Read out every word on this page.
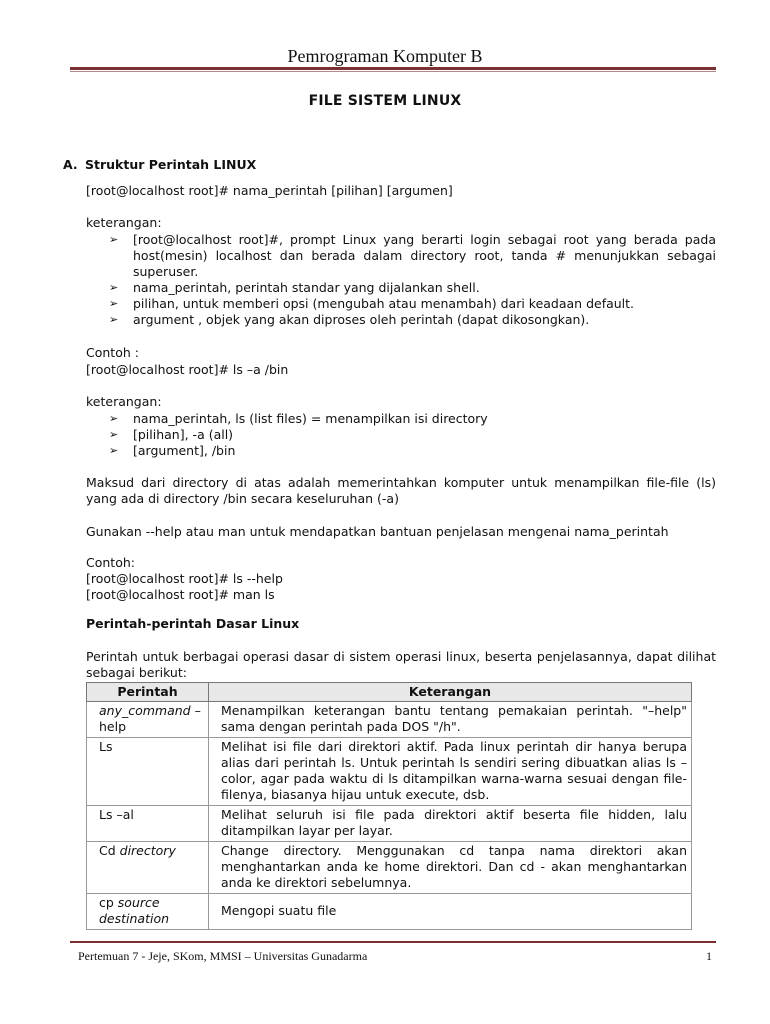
Pemrograman Komputer B
FILE SISTEM LINUX
A. Struktur Perintah LINUX
[root@localhost root]# nama_perintah [pilihan] [argumen]
keterangan:
➢ [root@localhost root]#, prompt Linux yang berarti login sebagai root yang berada pada host(mesin) localhost dan berada dalam directory root, tanda # menunjukkan sebagai superuser.
➢ nama_perintah, perintah standar yang dijalankan shell.
➢ pilihan, untuk memberi opsi (mengubah atau menambah) dari keadaan default.
➢ argument , objek yang akan diproses oleh perintah (dapat dikosongkan).
Contoh :
[root@localhost root]# ls –a /bin
keterangan:
➢ nama_perintah, ls (list files) = menampilkan isi directory
➢ [pilihan], -a (all)
➢ [argument], /bin
Maksud dari directory di atas adalah memerintahkan komputer untuk menampilkan file-file (ls) yang ada di directory /bin secara keseluruhan (-a)
Gunakan --help atau man untuk mendapatkan bantuan penjelasan mengenai nama_perintah
Contoh:
[root@localhost root]# ls --help
[root@localhost root]# man ls
Perintah-perintah Dasar Linux
Perintah untuk berbagai operasi dasar di sistem operasi linux, beserta penjelasannya, dapat dilihat sebagai berikut:
Perintah	Keterangan
any_command – help	Menampilkan keterangan bantu tentang pemakaian perintah. "–help" sama dengan perintah pada DOS "/h".
Ls	Melihat isi file dari direktori aktif. Pada linux perintah dir hanya berupa alias dari perintah ls. Untuk perintah ls sendiri sering dibuatkan alias ls –color, agar pada waktu di ls ditampilkan warna-warna sesuai dengan file-filenya, biasanya hijau untuk execute, dsb.
Ls –al	Melihat seluruh isi file pada direktori aktif beserta file hidden, lalu ditampilkan layar per layar.
Cd directory	Change directory. Menggunakan cd tanpa nama direktori akan menghantarkan anda ke home direktori. Dan cd - akan menghantarkan anda ke direktori sebelumnya.
cp source destination	Mengopi suatu file
Pertemuan 7 - Jeje, SKom, MMSI – Universitas Gunadarma	1
